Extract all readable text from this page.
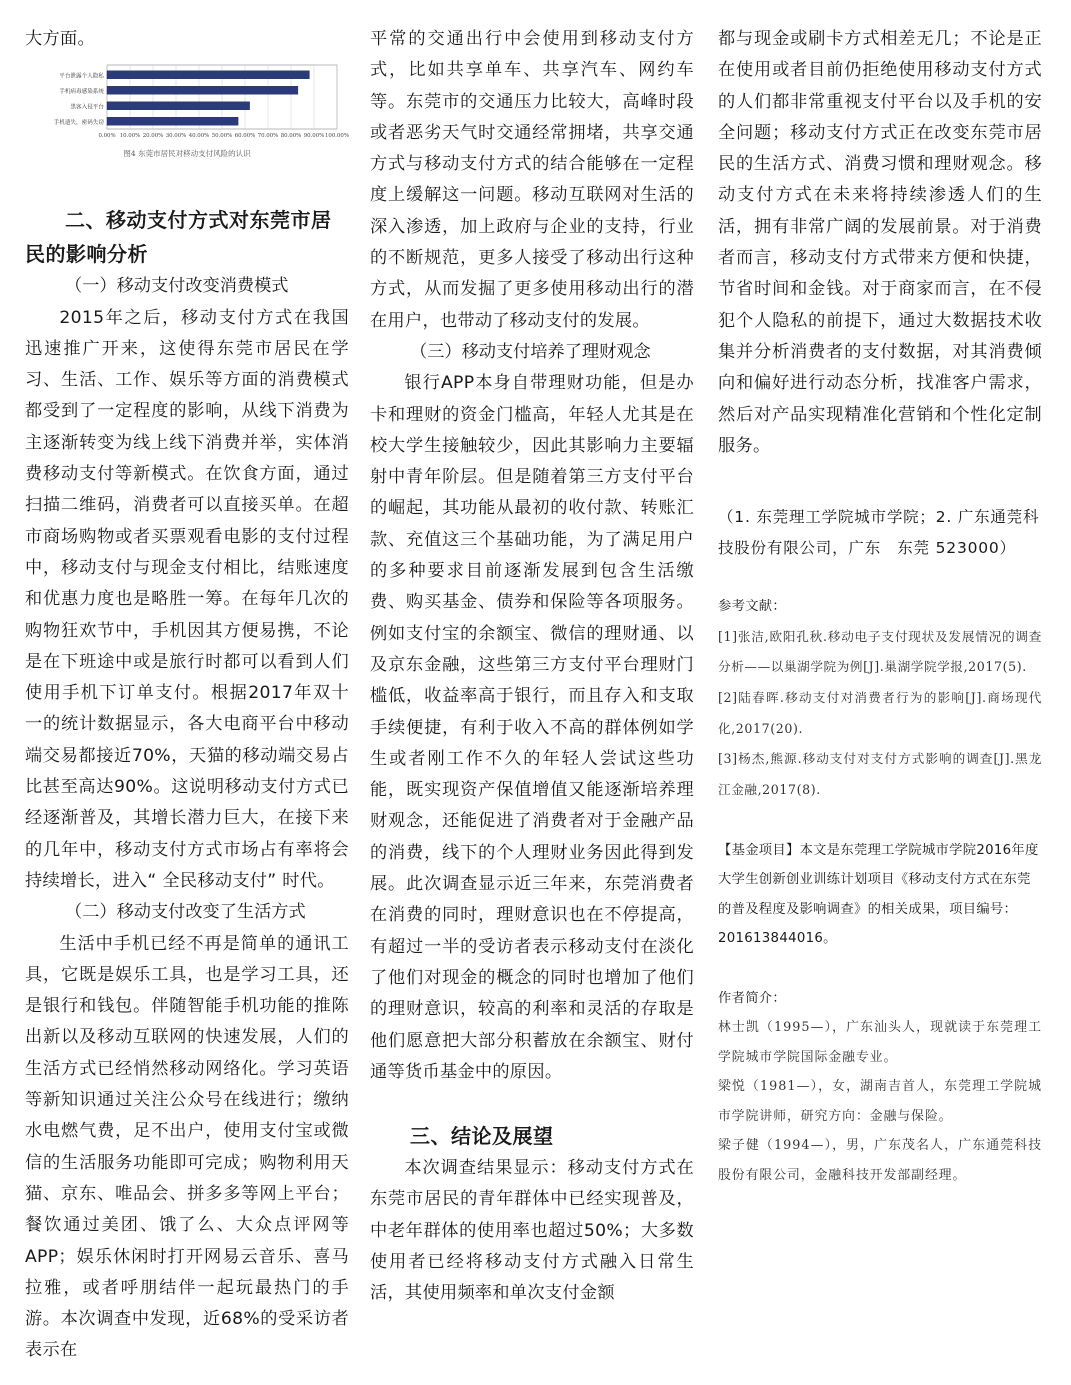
大方面。

0.00% 10.00% 20.00% 30.00% 40.00% 50.00% 60.00% 70.00% 80.00% 90.00% 100.00%
平台泄露个人隐私
手机病毒感染系统
黑客入侵平台
手机遗失，密码失窃

图4 东莞市居民对移动支付风险的认识

二、移动支付方式对东莞市居民的影响分析

（一）移动支付改变消费模式

2015年之后，移动支付方式在我国迅速推广开来，这使得东莞市居民在学习、生活、工作、娱乐等方面的消费模式都受到了一定程度的影响，从线下消费为主逐渐转变为线上线下消费并举，实体消费移动支付等新模式。在饮食方面，通过扫描二维码，消费者可以直接买单。在超市商场购物或者买票观看电影的支付过程中，移动支付与现金支付相比，结账速度和优惠力度也是略胜一筹。在每年几次的购物狂欢节中，手机因其方便易携，不论是在下班途中或是旅行时都可以看到人们使用手机下订单支付。根据2017年双十一的统计数据显示，各大电商平台中移动端交易都接近70%，天猫的移动端交易占比甚至高达90%。这说明移动支付方式已经逐渐普及，其增长潜力巨大，在接下来的几年中，移动支付方式市场占有率将会持续增长，进入“ 全民移动支付” 时代。

（二）移动支付改变了生活方式

生活中手机已经不再是简单的通讯工具，它既是娱乐工具，也是学习工具，还是银行和钱包。伴随智能手机功能的推陈出新以及移动互联网的快速发展，人们的生活方式已经悄然移动网络化。学习英语等新知识通过关注公众号在线进行；缴纳水电燃气费，足不出户，使用支付宝或微信的生活服务功能即可完成；购物利用天猫、京东、唯品会、拼多多等网上平台；餐饮通过美团、饿了么、大众点评网等APP；娱乐休闲时打开网易云音乐、喜马拉雅，或者呼朋结伴一起玩最热门的手游。本次调查中发现，近68%的受采访者表示在

平常的交通出行中会使用到移动支付方式，比如共享单车、共享汽车、网约车等。东莞市的交通压力比较大，高峰时段或者恶劣天气时交通经常拥堵，共享交通方式与移动支付方式的结合能够在一定程度上缓解这一问题。移动互联网对生活的深入渗透，加上政府与企业的支持，行业的不断规范，更多人接受了移动出行这种方式，从而发掘了更多使用移动出行的潜在用户，也带动了移动支付的发展。

（三）移动支付培养了理财观念

银行APP本身自带理财功能，但是办卡和理财的资金门槛高，年轻人尤其是在校大学生接触较少，因此其影响力主要辐射中青年阶层。但是随着第三方支付平台的崛起，其功能从最初的收付款、转账汇款、充值这三个基础功能，为了满足用户的多种要求目前逐渐发展到包含生活缴费、购买基金、债券和保险等各项服务。例如支付宝的余额宝、微信的理财通、以及京东金融，这些第三方支付平台理财门槛低，收益率高于银行，而且存入和支取手续便捷，有利于收入不高的群体例如学生或者刚工作不久的年轻人尝试这些功能，既实现资产保值增值又能逐渐培养理财观念，还能促进了消费者对于金融产品的消费，线下的个人理财业务因此得到发展。此次调查显示近三年来，东莞消费者在消费的同时，理财意识也在不停提高，有超过一半的受访者表示移动支付在淡化了他们对现金的概念的同时也增加了他们的理财意识，较高的利率和灵活的存取是他们愿意把大部分积蓄放在余额宝、财付通等货币基金中的原因。

三、结论及展望

本次调查结果显示：移动支付方式在东莞市居民的青年群体中已经实现普及，中老年群体的使用率也超过50%；大多数使用者已经将移动支付方式融入日常生活，其使用频率和单次支付金额

都与现金或刷卡方式相差无几；不论是正在使用或者目前仍拒绝使用移动支付方式的人们都非常重视支付平台以及手机的安全问题；移动支付方式正在改变东莞市居民的生活方式、消费习惯和理财观念。移动支付方式在未来将持续渗透人们的生活，拥有非常广阔的发展前景。对于消费者而言，移动支付方式带来方便和快捷，节省时间和金钱。对于商家而言，在不侵犯个人隐私的前提下，通过大数据技术收集并分析消费者的支付数据，对其消费倾向和偏好进行动态分析，找准客户需求，然后对产品实现精准化营销和个性化定制服务。

（1. 东莞理工学院城市学院；2. 广东通莞科技股份有限公司，广东　东莞 523000）

参考文献：

[1]张洁,欧阳孔秋.移动电子支付现状及发展情况的调查分析——以巢湖学院为例[J].巢湖学院学报,2017(5).

[2]陆春晖.移动支付对消费者行为的影响[J].商场现代化,2017(20).

[3]杨杰,熊源.移动支付对支付方式影响的调查[J].黑龙江金融,2017(8).

【基金项目】本文是东莞理工学院城市学院2016年度大学生创新创业训练计划项目《移动支付方式在东莞的普及程度及影响调查》的相关成果，项目编号：201613844016。

作者简介：

林士凯（1995—），广东汕头人，现就读于东莞理工学院城市学院国际金融专业。

梁悦（1981—），女，湖南吉首人，东莞理工学院城市学院讲师，研究方向：金融与保险。

梁子健（1994—），男，广东茂名人，广东通莞科技股份有限公司，金融科技开发部副经理。
